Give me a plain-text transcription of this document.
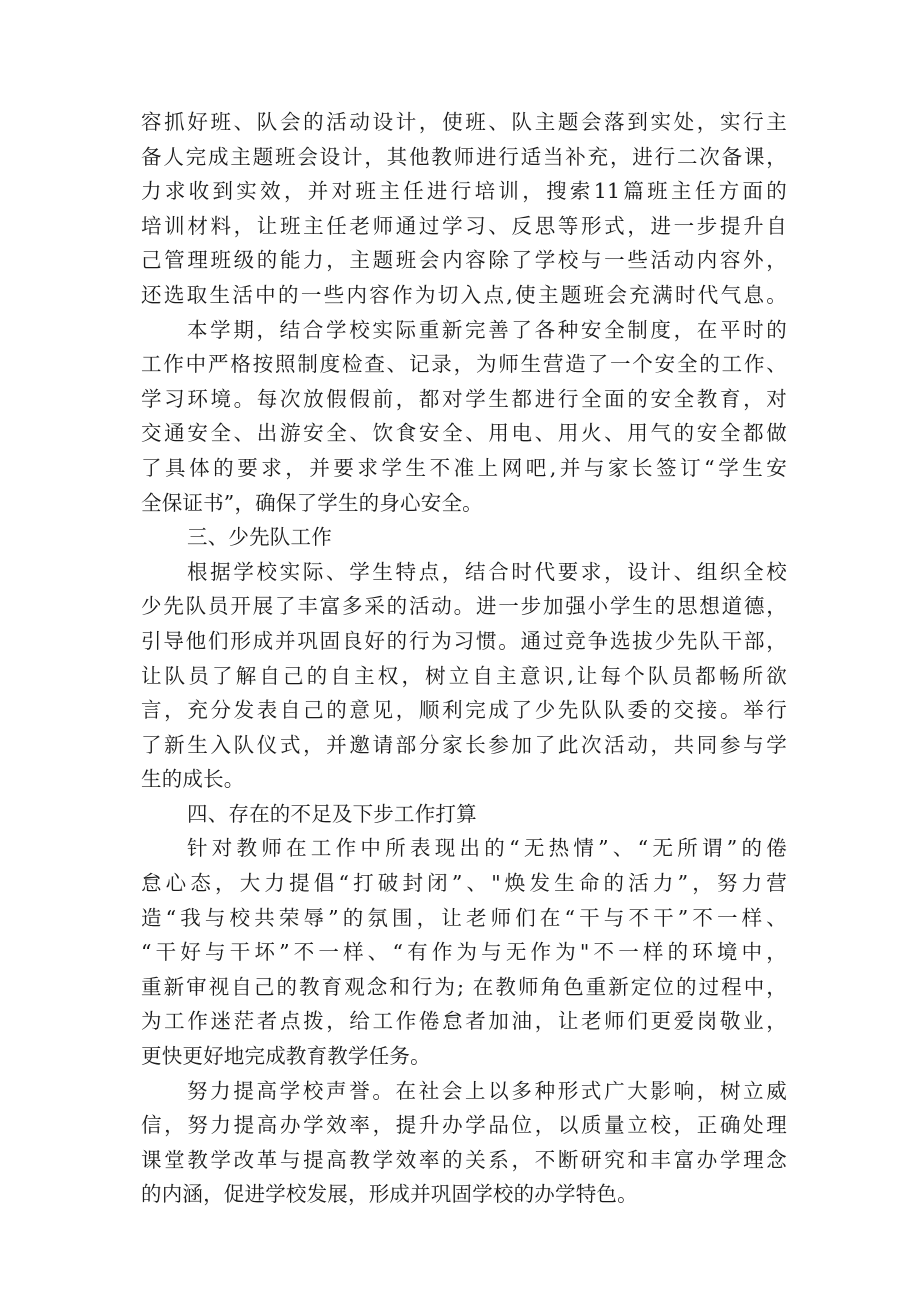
容抓好班、队会的活动设计，使班、队主题会落到实处，实行主
备人完成主题班会设计，其他教师进行适当补充，进行二次备课，
力求收到实效，并对班主任进行培训，搜索11篇班主任方面的
培训材料，让班主任老师通过学习、反思等形式，进一步提升自
己管理班级的能力，主题班会内容除了学校与一些活动内容外，
还选取生活中的一些内容作为切入点,使主题班会充满时代气息。
本学期，结合学校实际重新完善了各种安全制度，在平时的
工作中严格按照制度检查、记录，为师生营造了一个安全的工作、
学习环境。每次放假假前，都对学生都进行全面的安全教育，对
交通安全、出游安全、饮食安全、用电、用火、用气的安全都做
了具体的要求，并要求学生不准上网吧,并与家长签订“学生安
全保证书”，确保了学生的身心安全。
三、少先队工作
根据学校实际、学生特点，结合时代要求，设计、组织全校
少先队员开展了丰富多采的活动。进一步加强小学生的思想道德，
引导他们形成并巩固良好的行为习惯。通过竞争选拔少先队干部，
让队员了解自己的自主权，树立自主意识,让每个队员都畅所欲
言，充分发表自己的意见，顺利完成了少先队队委的交接。举行
了新生入队仪式，并邀请部分家长参加了此次活动，共同参与学
生的成长。
四、存在的不足及下步工作打算
针对教师在工作中所表现出的“无热情”、“无所谓”的倦
怠心态，大力提倡“打破封闭”、"焕发生命的活力”，努力营
造“我与校共荣辱”的氛围，让老师们在“干与不干”不一样、
“干好与干坏”不一样、“有作为与无作为"不一样的环境中，
重新审视自己的教育观念和行为; 在教师角色重新定位的过程中，
为工作迷茫者点拨，给工作倦怠者加油，让老师们更爱岗敬业，
更快更好地完成教育教学任务。
努力提高学校声誉。在社会上以多种形式广大影响，树立威
信，努力提高办学效率，提升办学品位，以质量立校，正确处理
课堂教学改革与提高教学效率的关系，不断研究和丰富办学理念
的内涵，促进学校发展，形成并巩固学校的办学特色。
